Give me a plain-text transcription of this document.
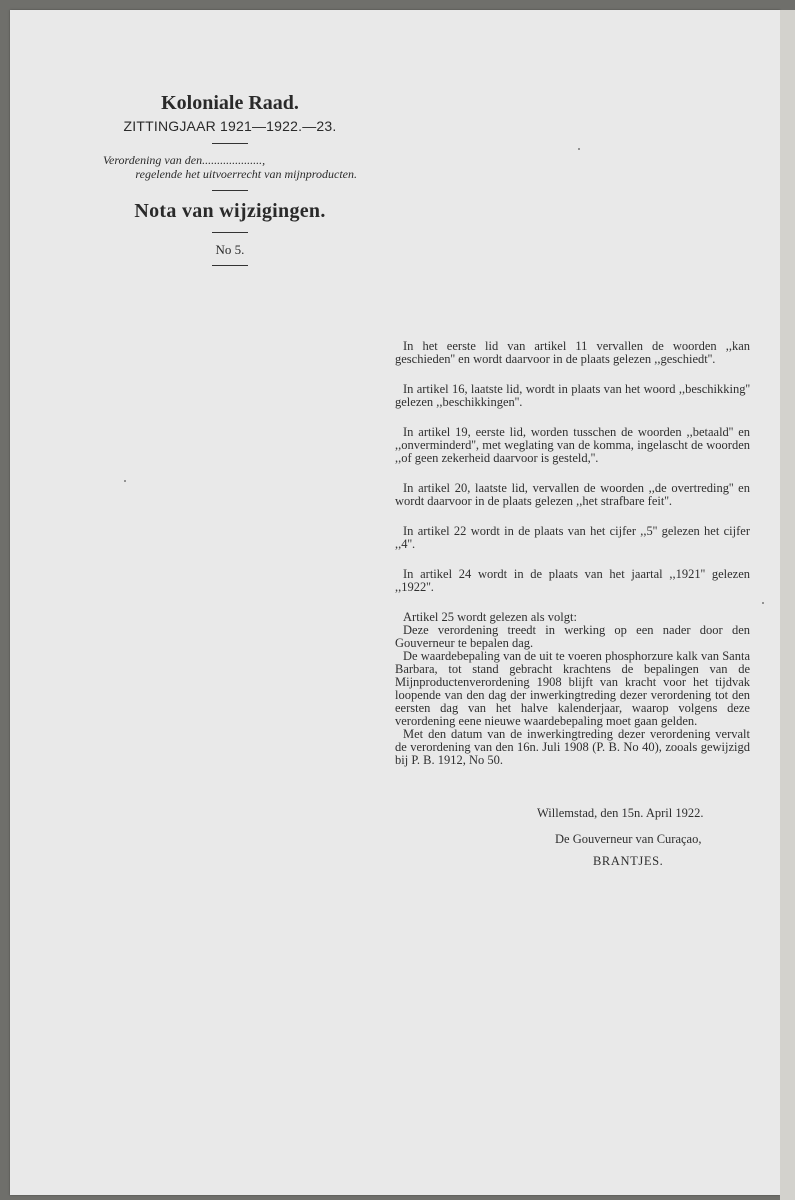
Koloniale Raad.
ZITTINGJAAR 1921—1922.—23.
Verordening van den....................,
regelende het uitvoerrecht van mijnproducten.
Nota van wijzigingen.
No 5.

In het eerste lid van artikel 11 vervallen de woorden ,,kan geschieden'' en wordt daarvoor in de plaats gelezen ,,geschiedt''.

In artikel 16, laatste lid, wordt in plaats van het woord ,,beschikking'' gelezen ,,beschikkingen''.

In artikel 19, eerste lid, worden tusschen de woorden ,,betaald'' en ,,onverminderd'', met weglating van de komma, ingelascht de woorden ,,of geen zekerheid daarvoor is gesteld,''.

In artikel 20, laatste lid, vervallen de woorden ,,de overtreding'' en wordt daarvoor in de plaats gelezen ,,het strafbare feit''.

In artikel 22 wordt in de plaats van het cijfer ,,5'' gelezen het cijfer ,,4''.

In artikel 24 wordt in de plaats van het jaartal ,,1921'' gelezen ,,1922''.

Artikel 25 wordt gelezen als volgt:

Deze verordening treedt in werking op een nader door den Gouverneur te bepalen dag.

De waardebepaling van de uit te voeren phosphorzure kalk van Santa Barbara, tot stand gebracht krachtens de bepalingen van de Mijnproductenverordening 1908 blijft van kracht voor het tijdvak loopende van den dag der inwerkingtreding dezer verordening tot den eersten dag van het halve kalenderjaar, waarop volgens deze verordening eene nieuwe waardebepaling moet gaan gelden.

Met den datum van de inwerkingtreding dezer verordening vervalt de verordening van den 16n. Juli 1908 (P. B. No 40), zooals gewijzigd bij P. B. 1912, No 50.

Willemstad, den 15n. April 1922.
De Gouverneur van Curaçao,
BRANTJES.
